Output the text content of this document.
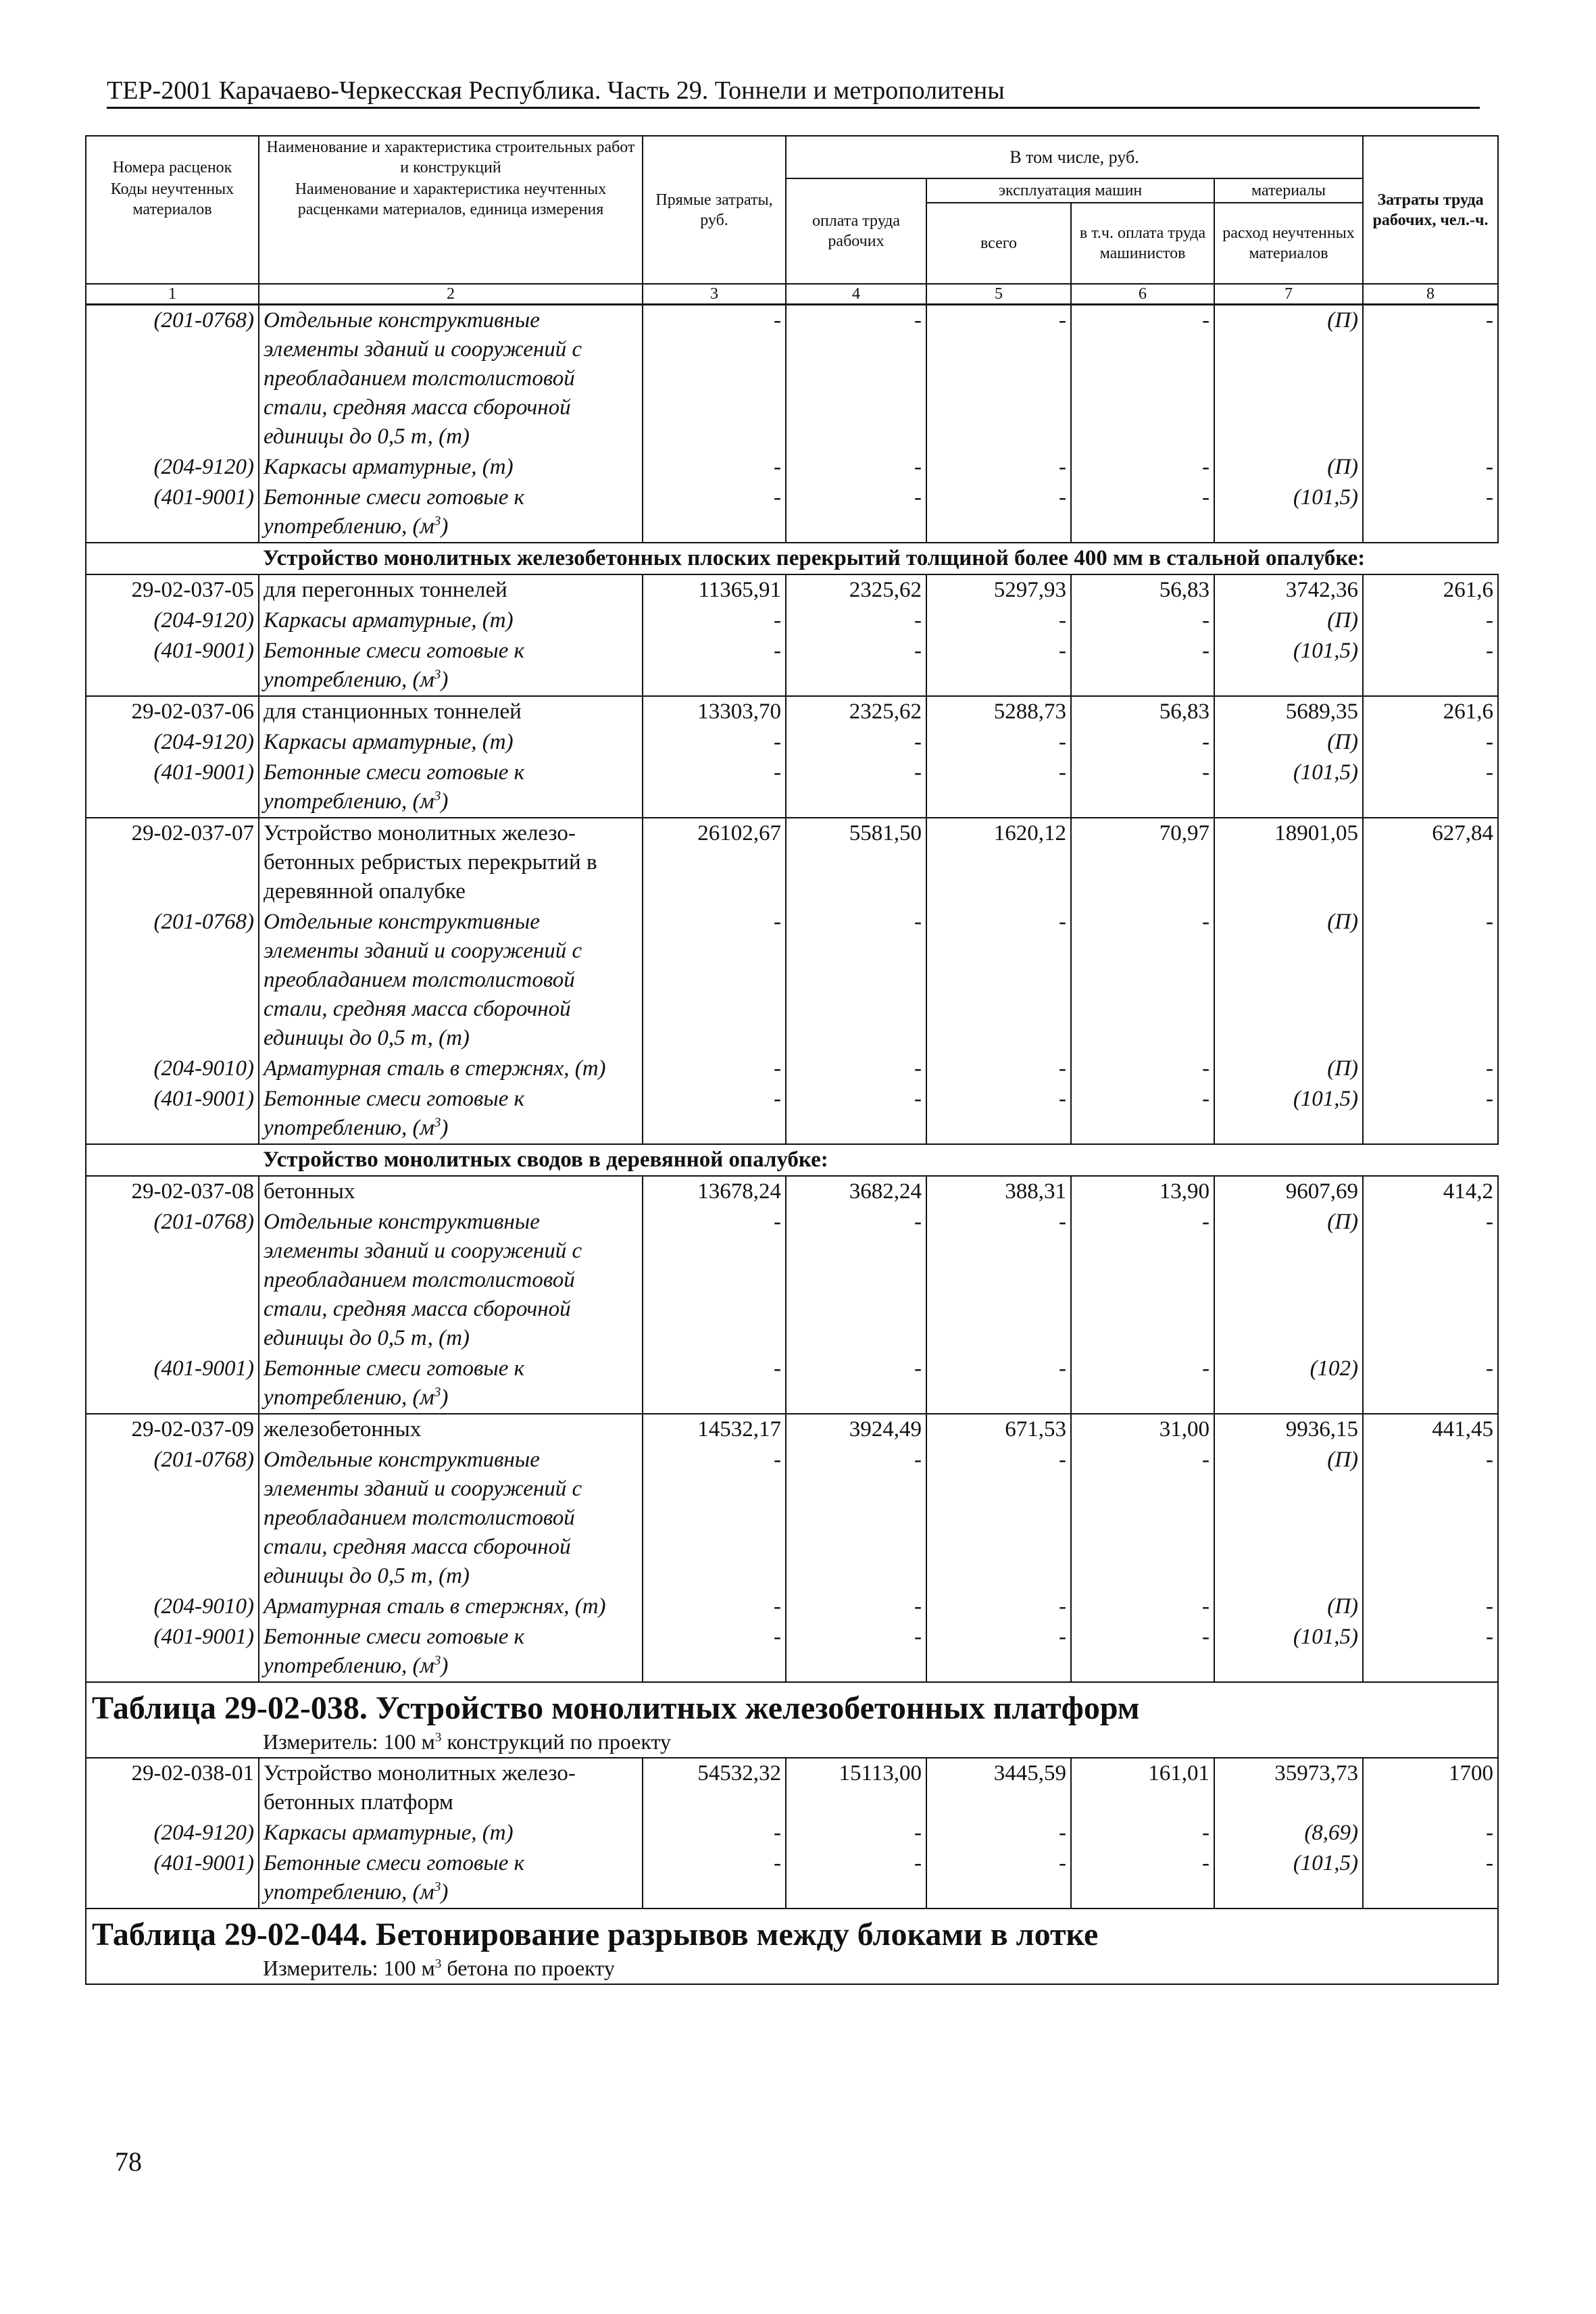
ТЕР-2001 Карачаево-Черкесская Республика. Часть 29. Тоннели и метрополитены
Номера расценок	Наименование и характеристика строительных работ и конструкций	Прямые затраты, руб.	В том числе, руб.				Затраты труда рабочих, чел.-ч.
Коды неучтенных материалов	Наименование и характеристика неучтенных расценками материалов, единица измерения		оплата труда рабочих	эксплуатация машин		материалы	
				всего	в т.ч. оплата труда машинистов	расход неучтенных материалов	

1	2	3	4	5	6	7	8
(201-0768)	Отдельные конструктивные элементы зданий и сооружений с преобладанием толстолистовой стали, средняя масса сборочной единицы до 0,5 т, (т)	-	-	-	-	(П)	-
(204-9120)	Каркасы арматурные, (т)	-	-	-	-	(П)	-
(401-9001)	Бетонные смеси готовые к употреблению, $(м^3)$	-	-	-	-	(101,5)	-
	Устройство монолитных железобетонных плоских перекрытий толщиной более 400 мм в стальной опалубке:						
29-02-037-05	для перегонных тоннелей	11365,91	2325,62	5297,93	56,83	3742,36	261,6
(204-9120)	Каркасы арматурные, (т)	-	-	-	-	(П)	-
(401-9001)	Бетонные смеси готовые к употреблению, $(м^3)$	-	-	-	-	(101,5)	-
29-02-037-06	для станционных тоннелей	13303,70	2325,62	5288,73	56,83	5689,35	261,6
(204-9120)	Каркасы арматурные, (т)	-	-	-	-	(П)	-
(401-9001)	Бетонные смеси готовые к употреблению, $(м^3)$	-	-	-	-	(101,5)	-
29-02-037-07	Устройство монолитных железо-бетонных ребристых перекрытий в деревянной опалубке	26102,67	5581,50	1620,12	70,97	18901,05	627,84
(201-0768)	Отдельные конструктивные элементы зданий и сооружений с преобладанием толстолистовой стали, средняя масса сборочной единицы до 0,5 т, (т)	-	-	-	-	(П)	-
(204-9010)	Арматурная сталь в стержнях, (т)	-	-	-	-	(П)	-
(401-9001)	Бетонные смеси готовые к употреблению, $(м^3)$	-	-	-	-	(101,5)	-
	Устройство монолитных сводов в деревянной опалубке:						
29-02-037-08	бетонных	13678,24	3682,24	388,31	13,90	9607,69	414,2
(201-0768)	Отдельные конструктивные элементы зданий и сооружений с преобладанием толстолистовой стали, средняя масса сборочной единицы до 0,5 т, (т)	-	-	-	-	(П)	-
(401-9001)	Бетонные смеси готовые к употреблению, $(м^3)$	-	-	-	-	(102)	-
29-02-037-09	железобетонных	14532,17	3924,49	671,53	31,00	9936,15	441,45
(201-0768)	Отдельные конструктивные элементы зданий и сооружений с преобладанием толстолистовой стали, средняя масса сборочной единицы до 0,5 т, (т)	-	-	-	-	(П)	-
(204-9010)	Арматурная сталь в стержнях, (т)	-	-	-	-	(П)	-
(401-9001)	Бетонные смеси готовые к употреблению, $(м^3)$	-	-	-	-	(101,5)	-
Таблица 29-02-038. Устройство монолитных железобетонных платформ							
	Измеритель: 100 $м^3$ конструкций по проекту						
29-02-038-01	Устройство монолитных железо-бетонных платформ	54532,32	15113,00	3445,59	161,01	35973,73	1700
(204-9120)	Каркасы арматурные, (т)	-	-	-	-	(8,69)	-
(401-9001)	Бетонные смеси готовые к употреблению, $(м^3)$	-	-	-	-	(101,5)	-
Таблица 29-02-044. Бетонирование разрывов между блоками в лотке							
	Измеритель: 100 $м^3$ бетона по проекту						
78
